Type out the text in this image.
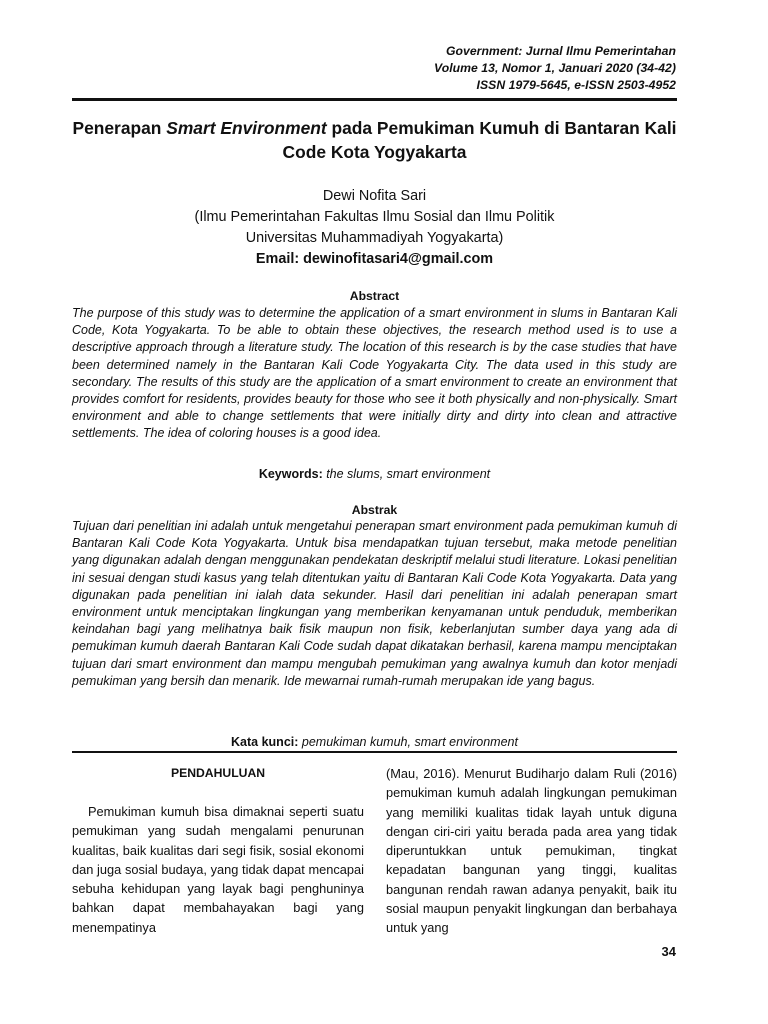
Government: Jurnal Ilmu Pemerintahan
Volume 13, Nomor 1, Januari 2020 (34-42)
ISSN 1979-5645, e-ISSN 2503-4952
Penerapan Smart Environment pada Pemukiman Kumuh di Bantaran Kali Code Kota Yogyakarta
Dewi Nofita Sari
(Ilmu Pemerintahan Fakultas Ilmu Sosial dan Ilmu Politik
Universitas Muhammadiyah Yogyakarta)
Email: dewinofitasari4@gmail.com
Abstract
The purpose of this study was to determine the application of a smart environment in slums in Bantaran Kali Code, Kota Yogyakarta. To be able to obtain these objectives, the research method used is to use a descriptive approach through a literature study. The location of this research is by the case studies that have been determined namely in the Bantaran Kali Code Yogyakarta City. The data used in this study are secondary. The results of this study are the application of a smart environment to create an environment that provides comfort for residents, provides beauty for those who see it both physically and non-physically. Smart environment and able to change settlements that were initially dirty and dirty into clean and attractive settlements. The idea of coloring houses is a good idea.
Keywords: the slums, smart environment
Abstrak
Tujuan dari penelitian ini adalah untuk mengetahui penerapan smart environment pada pemukiman kumuh di Bantaran Kali Code Kota Yogyakarta. Untuk bisa mendapatkan tujuan tersebut, maka metode penelitian yang digunakan adalah dengan menggunakan pendekatan deskriptif melalui studi literature. Lokasi penelitian ini sesuai dengan studi kasus yang telah ditentukan yaitu di Bantaran Kali Code Kota Yogyakarta. Data yang digunakan pada penelitian ini ialah data sekunder. Hasil dari penelitian ini adalah penerapan smart environment untuk menciptakan lingkungan yang memberikan kenyamanan untuk penduduk, memberikan keindahan bagi yang melihatnya baik fisik maupun non fisik, keberlanjutan sumber daya yang ada di pemukiman kumuh daerah Bantaran Kali Code sudah dapat dikatakan berhasil, karena mampu menciptakan tujuan dari smart environment dan mampu mengubah pemukiman yang awalnya kumuh dan kotor menjadi pemukiman yang bersih dan menarik. Ide mewarnai rumah-rumah merupakan ide yang bagus.
Kata kunci: pemukiman kumuh, smart environment
PENDAHULUAN

Pemukiman kumuh bisa dimaknai seperti suatu pemukiman yang sudah mengalami penurunan kualitas, baik kualitas dari segi fisik, sosial ekonomi dan juga sosial budaya, yang tidak dapat mencapai sebuha kehidupan yang layak bagi penghuninya bahkan dapat membahayakan bagi yang menempatinya

(Mau, 2016). Menurut Budiharjo dalam Ruli (2016) pemukiman kumuh adalah lingkungan pemukiman yang memiliki kualitas tidak layah untuk diguna dengan ciri-ciri yaitu berada pada area yang tidak diperuntukkan untuk pemukiman, tingkat kepadatan bangunan yang tinggi, kualitas bangunan rendah rawan adanya penyakit, baik itu sosial maupun penyakit lingkungan dan berbahaya untuk yang

34
